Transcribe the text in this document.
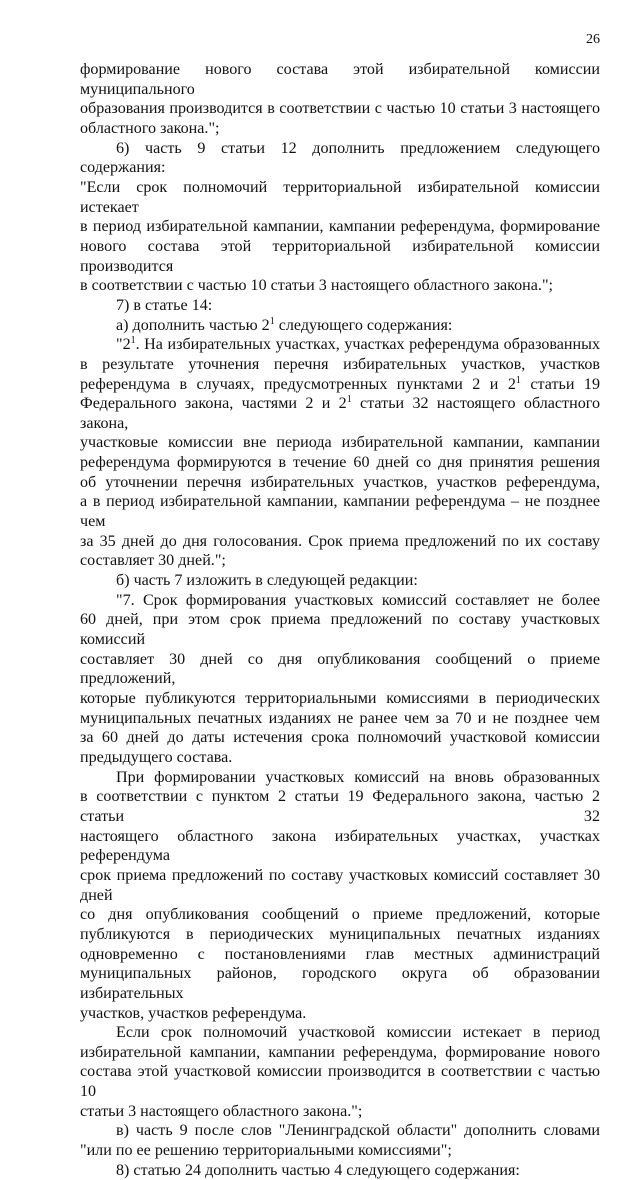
26
формирование нового состава этой избирательной комиссии муниципального
образования производится в соответствии с частью 10 статьи 3 настоящего
областного закона.";
6) часть 9 статьи 12 дополнить предложением следующего содержания:
"Если срок полномочий территориальной избирательной комиссии истекает
в период избирательной кампании, кампании референдума, формирование
нового состава этой территориальной избирательной комиссии производится
в соответствии с частью 10 статьи 3 настоящего областного закона.";
7) в статье 14:
а) дополнить частью $2^1$ следующего содержания:
"$2^1$. На избирательных участках, участках референдума образованных
в результате уточнения перечня избирательных участков, участков
референдума в случаях, предусмотренных пунктами 2 и $2^1$ статьи 19
Федерального закона, частями 2 и $2^1$ статьи 32 настоящего областного закона,
участковые комиссии вне периода избирательной кампании, кампании
референдума формируются в течение 60 дней со дня принятия решения
об уточнении перечня избирательных участков, участков референдума,
а в период избирательной кампании, кампании референдума – не позднее чем
за 35 дней до дня голосования. Срок приема предложений по их составу
составляет 30 дней.";
б) часть 7 изложить в следующей редакции:
"7. Срок формирования участковых комиссий составляет не более
60 дней, при этом срок приема предложений по составу участковых комиссий
составляет 30 дней со дня опубликования сообщений о приеме предложений,
которые публикуются территориальными комиссиями в периодических
муниципальных печатных изданиях не ранее чем за 70 и не позднее чем
за 60 дней до даты истечения срока полномочий участковой комиссии
предыдущего состава.
При формировании участковых комиссий на вновь образованных
в соответствии с пунктом 2 статьи 19 Федерального закона, частью 2 статьи 32
настоящего областного закона избирательных участках, участках референдума
срок приема предложений по составу участковых комиссий составляет 30 дней
со дня опубликования сообщений о приеме предложений, которые
публикуются в периодических муниципальных печатных изданиях
одновременно с постановлениями глав местных администраций
муниципальных районов, городского округа об образовании избирательных
участков, участков референдума.
Если срок полномочий участковой комиссии истекает в период
избирательной кампании, кампании референдума, формирование нового
состава этой участковой комиссии производится в соответствии с частью 10
статьи 3 настоящего областного закона.";
в) часть 9 после слов "Ленинградской области" дополнить словами
"или по ее решению территориальными комиссиями";
8) статью 24 дополнить частью 4 следующего содержания:
